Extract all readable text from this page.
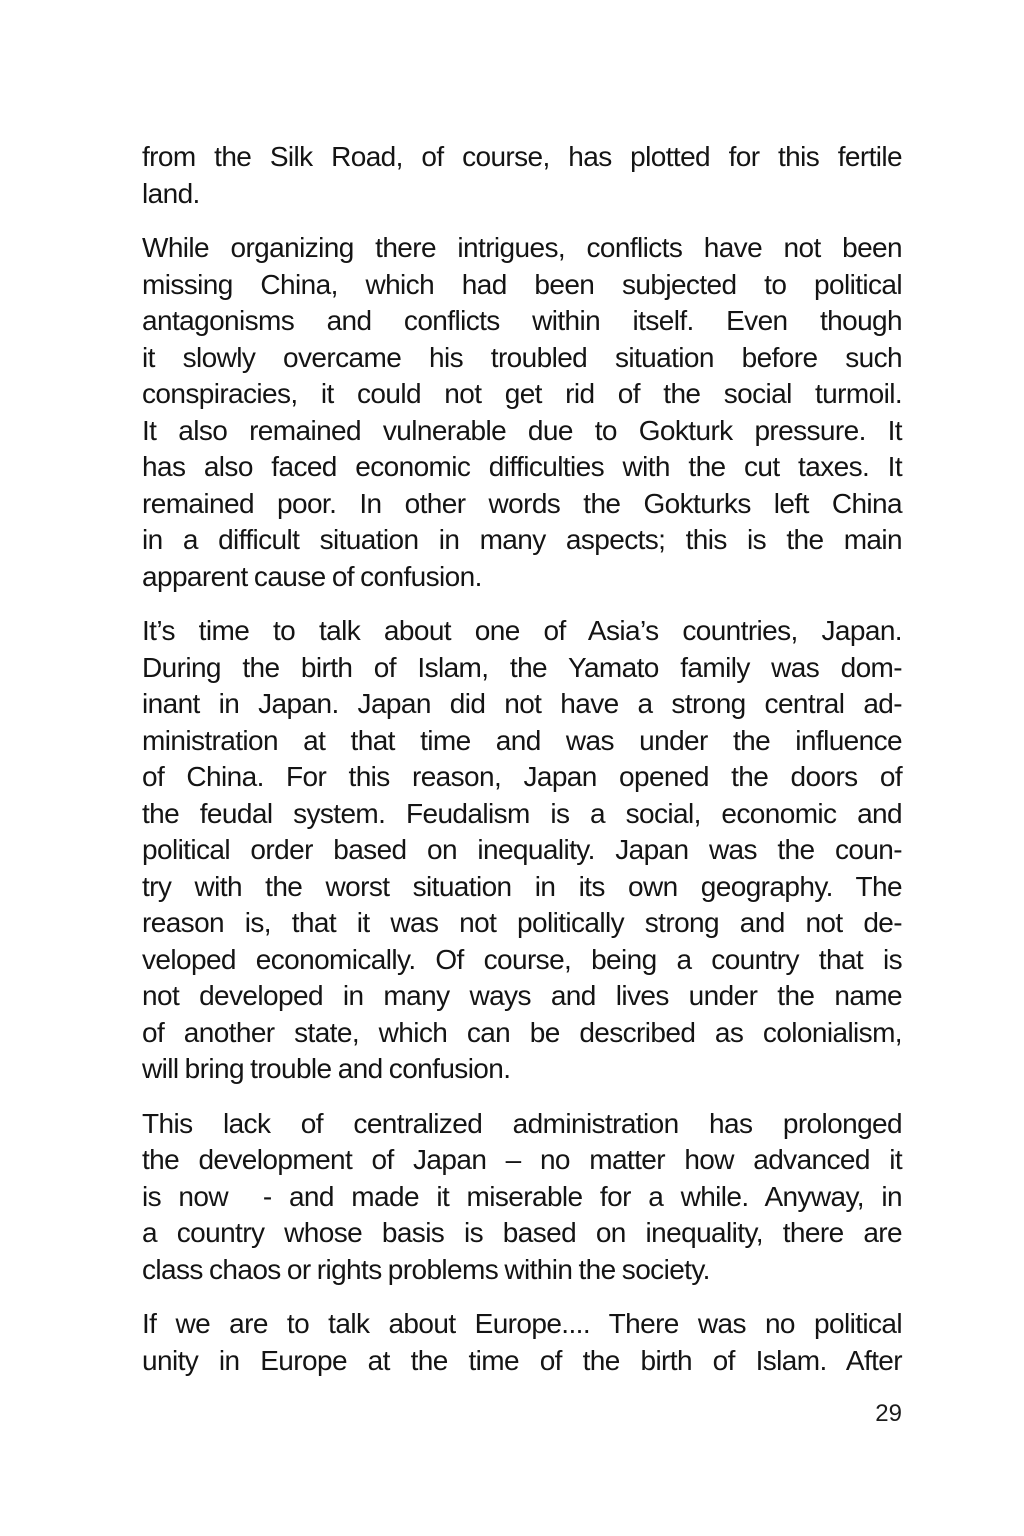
from the Silk Road, of course, has plotted for this fertile
land.

While organizing there intrigues, conflicts have not been
missing China, which had been subjected to political
antagonisms and conflicts within itself. Even though
it slowly overcame his troubled situation before such
conspiracies, it could not get rid of the social turmoil.
It also remained vulnerable due to Gokturk pressure. It
has also faced economic difficulties with the cut taxes. It
remained poor. In other words the Gokturks left China
in a difficult situation in many aspects; this is the main
apparent cause of confusion.

It’s time to talk about one of Asia’s countries, Japan.
During the birth of Islam, the Yamato family was dom-
inant in Japan. Japan did not have a strong central ad-
ministration at that time and was under the influence
of China. For this reason, Japan opened the doors of
the feudal system. Feudalism is a social, economic and
political order based on inequality. Japan was the coun-
try with the worst situation in its own geography. The
reason is, that it was not politically strong and not de-
veloped economically. Of course, being a country that is
not developed in many ways and lives under the name
of another state, which can be described as colonialism,
will bring trouble and confusion.

This lack of centralized administration has prolonged
the development of Japan – no matter how advanced it
is now  - and made it miserable for a while. Anyway, in
a country whose basis is based on inequality, there are
class chaos or rights problems within the society.

If we are to talk about Europe.... There was no political
unity in Europe at the time of the birth of Islam. After

29
